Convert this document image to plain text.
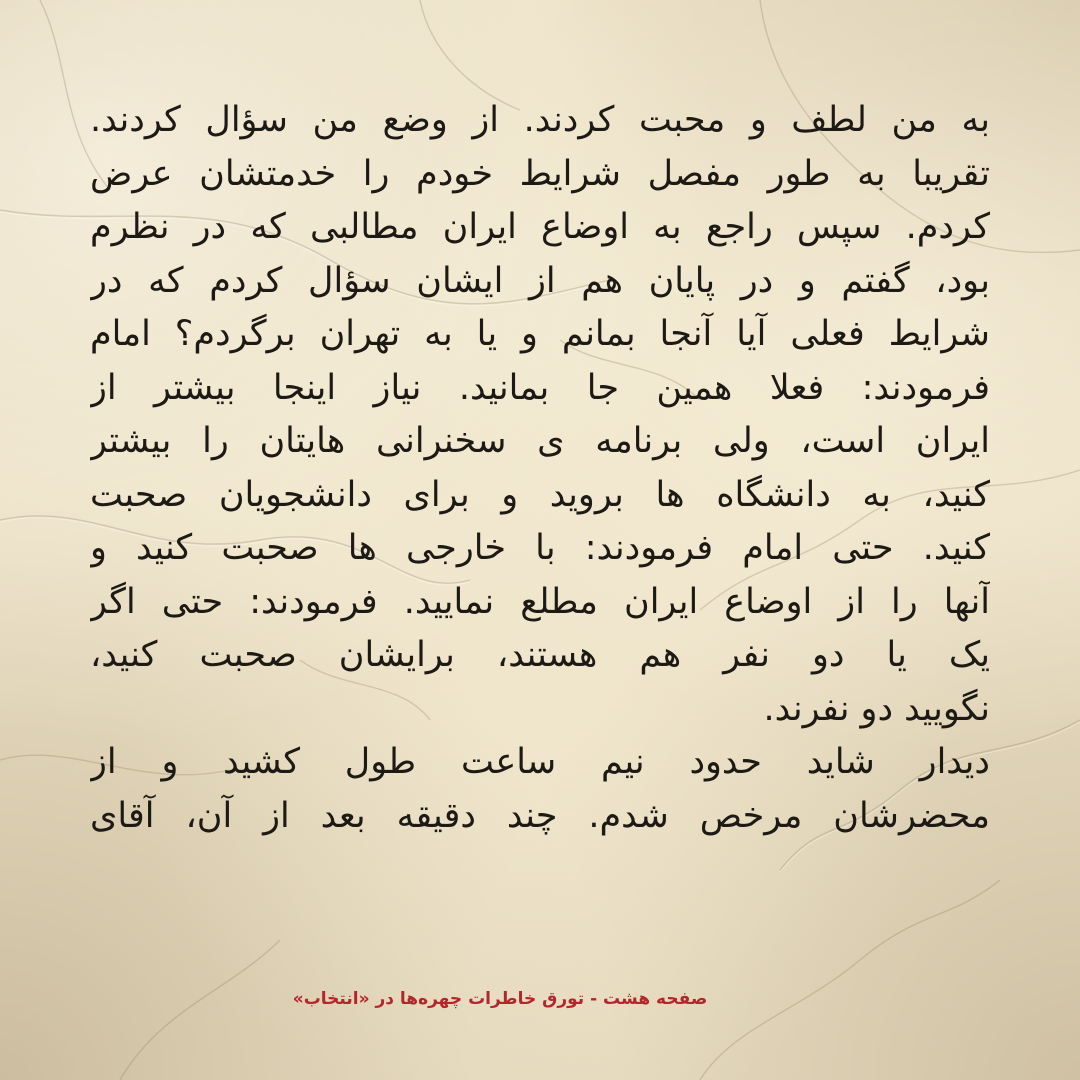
به من لطف و محبت کردند. از وضع من سؤال کردند.
تقریبا به طور مفصل شرایط خودم را خدمتشان عرض
کردم. سپس راجع به اوضاع ایران مطالبی که در نظرم
بود، گفتم و در پایان هم از ایشان سؤال کردم که در
شرایط فعلی آیا آنجا بمانم و یا به تهران برگردم؟ امام
فرمودند: فعلا همین جا بمانید. نیاز اینجا بیشتر از
ایران است، ولی برنامه ی سخنرانی هایتان را بیشتر
کنید، به دانشگاه ها بروید و برای دانشجویان صحبت
کنید. حتی امام فرمودند: با خارجی ها صحبت کنید و
آنها را از اوضاع ایران مطلع نمایید. فرمودند: حتی اگر
یک یا دو نفر هم هستند، برایشان صحبت کنید،
نگویید دو نفرند.
دیدار شاید حدود نیم ساعت طول کشید و از
محضرشان مرخص شدم. چند دقیقه بعد از آن، آقای
صفحه هشت - تورق خاطرات چهره‌ها در «انتخاب»
